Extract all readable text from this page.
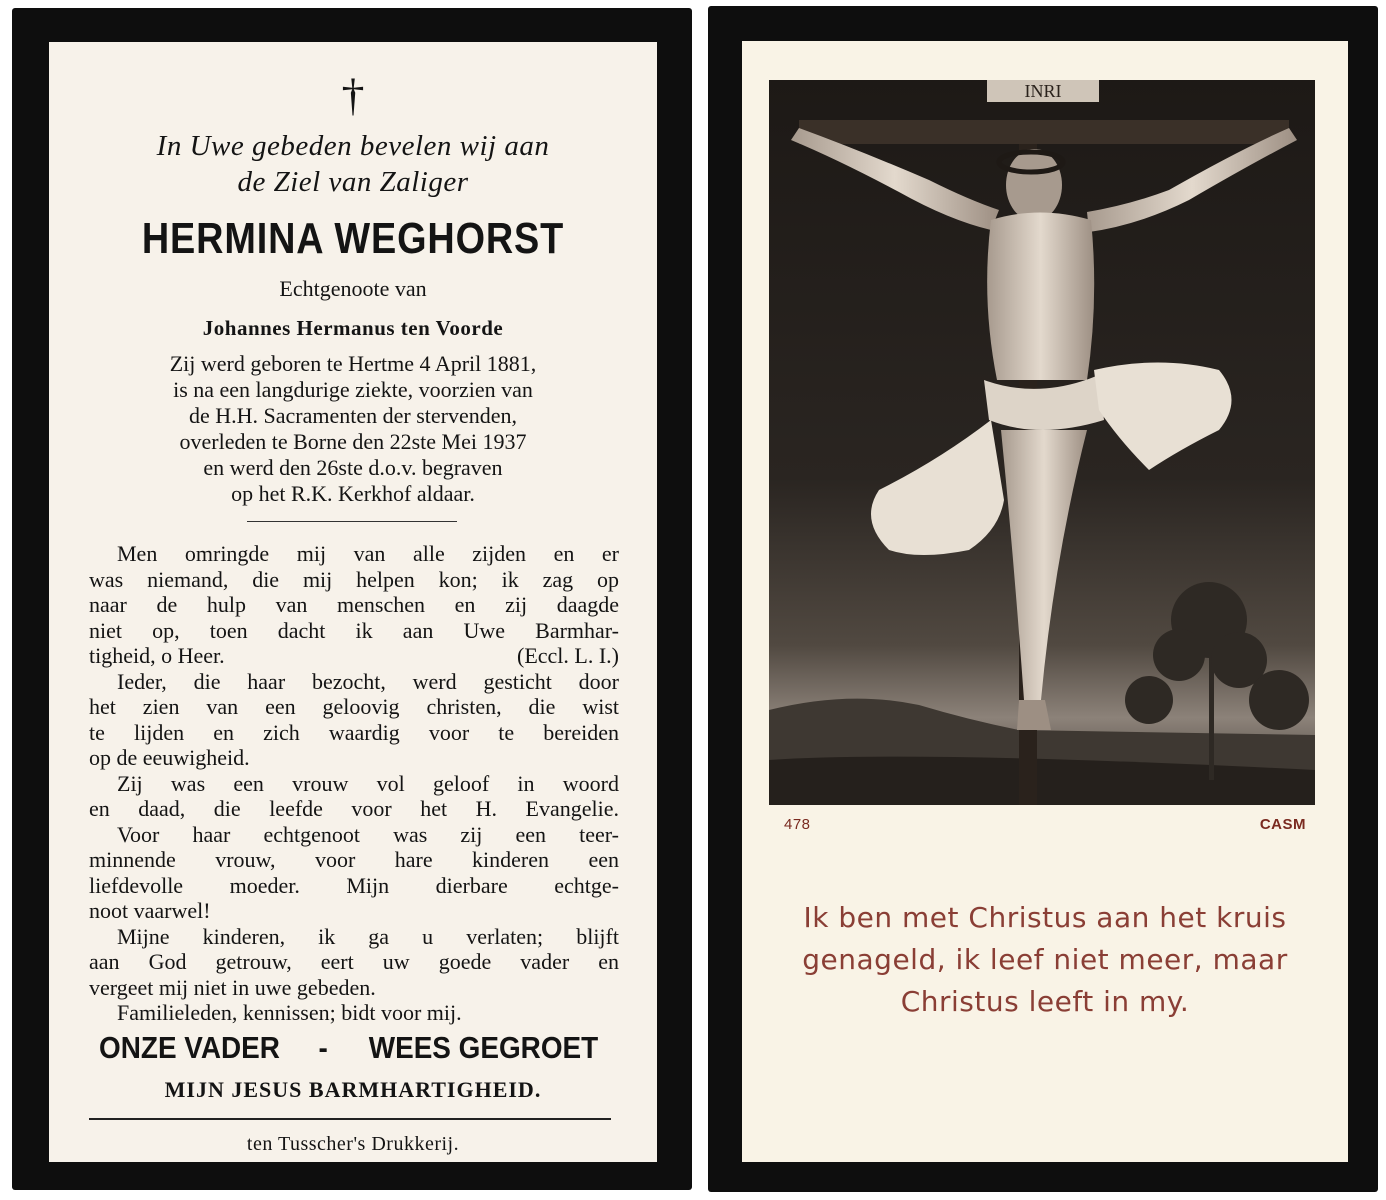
†
In Uwe gebeden bevelen wij aan
de Ziel van Zaliger
HERMINA WEGHORST
Echtgenoote van
Johannes Hermanus ten Voorde
Zij werd geboren te Hertme 4 April 1881,
is na een langdurige ziekte, voorzien van
de H.H. Sacramenten der stervenden,
overleden te Borne den 22ste Mei 1937
en werd den 26ste d.o.v. begraven
op het R.K. Kerkhof aldaar.
Men omringde mij van alle zijden en er
was niemand, die mij helpen kon; ik zag op
naar de hulp van menschen en zij daagde
niet op, toen dacht ik aan Uwe Barmhar-
tigheid, o Heer.	(Eccl. L. I.)
Ieder, die haar bezocht, werd gesticht door
het zien van een geloovig christen, die wist
te lijden en zich waardig voor te bereiden
op de eeuwigheid.
Zij was een vrouw vol geloof in woord
en daad, die leefde voor het H. Evangelie.
Voor haar echtgenoot was zij een teer-
minnende vrouw, voor hare kinderen een
liefdevolle moeder. Mijn dierbare echtge-
noot vaarwel!
Mijne kinderen, ik ga u verlaten; blijft
aan God getrouw, eert uw goede vader en
vergeet mij niet in uwe gebeden.
Familieleden, kennissen; bidt voor mij.
ONZE VADER - WEES GEGROET
MIJN JESUS BARMHARTIGHEID.
ten Tusscher's Drukkerij.
INRI
478	CASM
Ik ben met Christus aan het kruis
genageld, ik leef niet meer, maar
Christus leeft in my.
